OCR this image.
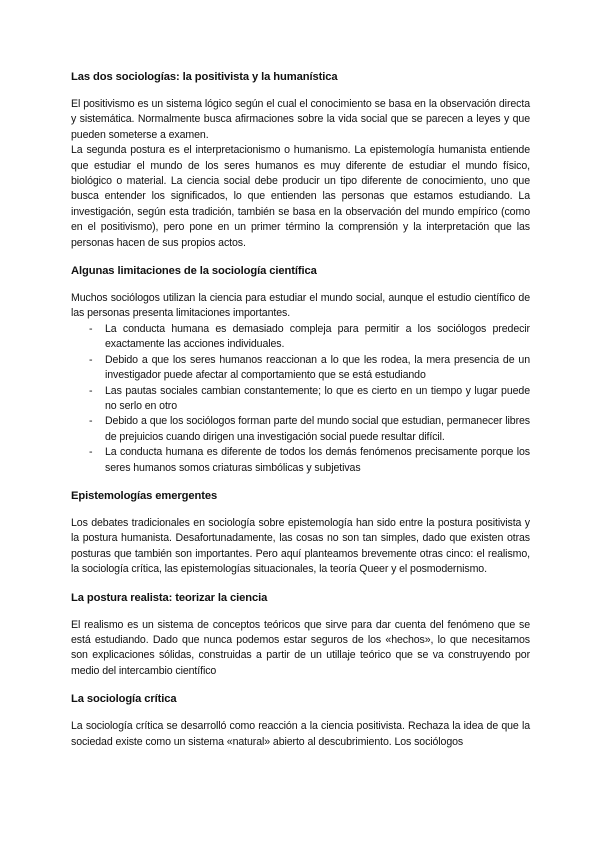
Las dos sociologías: la positivista y la humanística

El positivismo es un sistema lógico según el cual el conocimiento se basa en la observación directa y sistemática. Normalmente busca afirmaciones sobre la vida social que se parecen a leyes y que pueden someterse a examen.

La segunda postura es el interpretacionismo o humanismo. La epistemología humanista entiende que estudiar el mundo de los seres humanos es muy diferente de estudiar el mundo físico, biológico o material. La ciencia social debe producir un tipo diferente de conocimiento, uno que busca entender los significados, lo que entienden las personas que estamos estudiando. La investigación, según esta tradición, también se basa en la observación del mundo empírico (como en el positivismo), pero pone en un primer término la comprensión y la interpretación que las personas hacen de sus propios actos.

Algunas limitaciones de la sociología científica

Muchos sociólogos utilizan la ciencia para estudiar el mundo social, aunque el estudio científico de las personas presenta limitaciones importantes.

- La conducta humana es demasiado compleja para permitir a los sociólogos predecir exactamente las acciones individuales.
- Debido a que los seres humanos reaccionan a lo que les rodea, la mera presencia de un investigador puede afectar al comportamiento que se está estudiando
- Las pautas sociales cambian constantemente; lo que es cierto en un tiempo y lugar puede no serlo en otro
- Debido a que los sociólogos forman parte del mundo social que estudian, permanecer libres de prejuicios cuando dirigen una investigación social puede resultar difícil.
- La conducta humana es diferente de todos los demás fenómenos precisamente porque los seres humanos somos criaturas simbólicas y subjetivas
Epistemologías emergentes

Los debates tradicionales en sociología sobre epistemología han sido entre la postura positivista y la postura humanista. Desafortunadamente, las cosas no son tan simples, dado que existen otras posturas que también son importantes. Pero aquí planteamos brevemente otras cinco: el realismo, la sociología crítica, las epistemologías situacionales, la teoría Queer y el posmodernismo.

La postura realista: teorizar la ciencia

El realismo es un sistema de conceptos teóricos que sirve para dar cuenta del fenómeno que se está estudiando. Dado que nunca podemos estar seguros de los «hechos», lo que necesitamos son explicaciones sólidas, construidas a partir de un utillaje teórico que se va construyendo por medio del intercambio científico

La sociología crítica

La sociología crítica se desarrolló como reacción a la ciencia positivista. Rechaza la idea de que la sociedad existe como un sistema «natural» abierto al descubrimiento. Los sociólogos
